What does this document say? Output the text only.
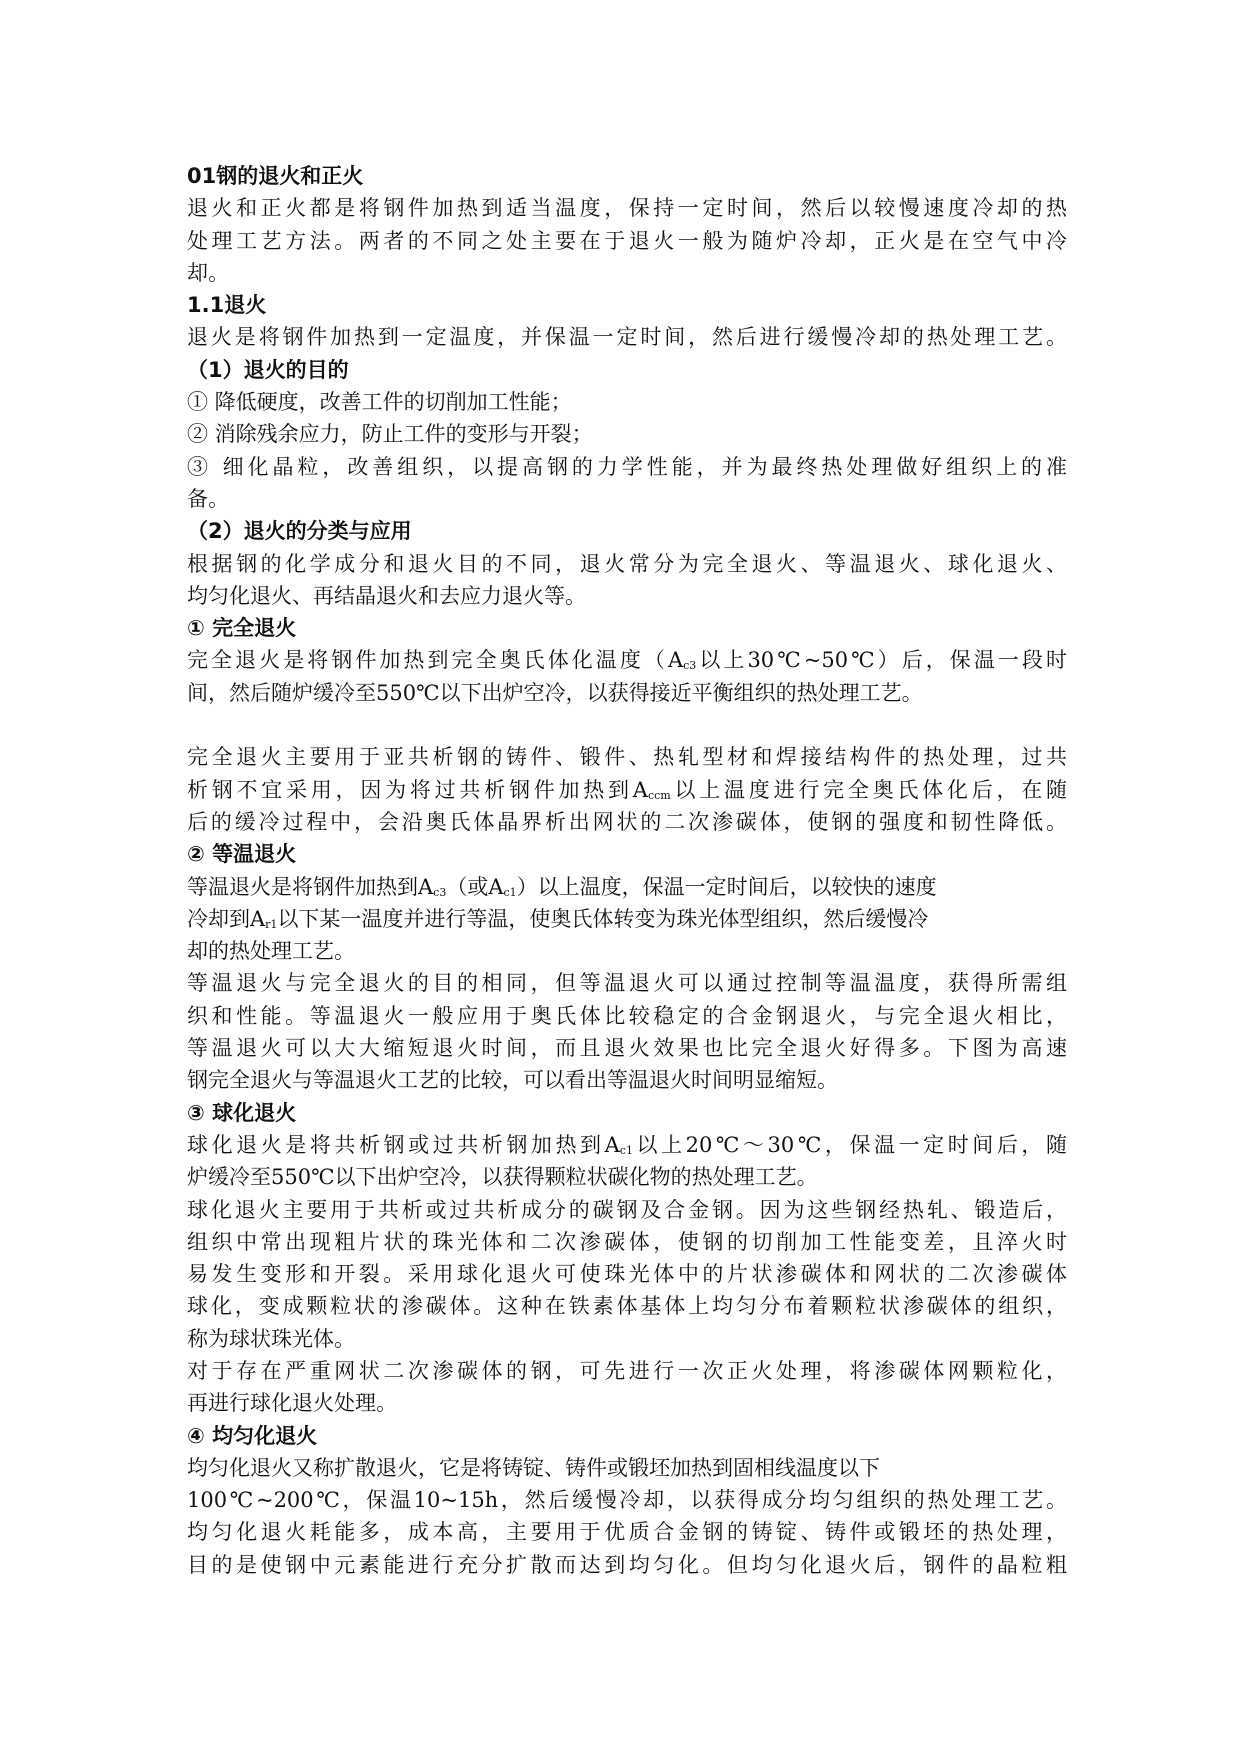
01钢的退火和正火
退火和正火都是将钢件加热到适当温度，保持一定时间，然后以较慢速度冷却的热
处理工艺方法。两者的不同之处主要在于退火一般为随炉冷却，正火是在空气中冷
却。
1.1退火
退火是将钢件加热到一定温度，并保温一定时间，然后进行缓慢冷却的热处理工艺。
（1）退火的目的
① 降低硬度，改善工件的切削加工性能；
② 消除残余应力，防止工件的变形与开裂；
③ 细化晶粒，改善组织，以提高钢的力学性能，并为最终热处理做好组织上的准
备。
（2）退火的分类与应用
根据钢的化学成分和退火目的不同，退火常分为完全退火、等温退火、球化退火、
均匀化退火、再结晶退火和去应力退火等。
① 完全退火
完全退火是将钢件加热到完全奥氏体化温度（Ac3以上30℃~50℃）后，保温一段时
间，然后随炉缓冷至550℃以下出炉空冷，以获得接近平衡组织的热处理工艺。
完全退火主要用于亚共析钢的铸件、锻件、热轧型材和焊接结构件的热处理，过共
析钢不宜采用，因为将过共析钢件加热到Accm以上温度进行完全奥氏体化后，在随
后的缓冷过程中，会沿奥氏体晶界析出网状的二次渗碳体，使钢的强度和韧性降低。
② 等温退火
等温退火是将钢件加热到Ac3（或Ac1）以上温度，保温一定时间后，以较快的速度
冷却到Ar1以下某一温度并进行等温，使奥氏体转变为珠光体型组织，然后缓慢冷
却的热处理工艺。
等温退火与完全退火的目的相同，但等温退火可以通过控制等温温度，获得所需组
织和性能。等温退火一般应用于奥氏体比较稳定的合金钢退火，与完全退火相比，
等温退火可以大大缩短退火时间，而且退火效果也比完全退火好得多。下图为高速
钢完全退火与等温退火工艺的比较，可以看出等温退火时间明显缩短。
③ 球化退火
球化退火是将共析钢或过共析钢加热到Ac1以上20℃～30℃，保温一定时间后，随
炉缓冷至550℃以下出炉空冷，以获得颗粒状碳化物的热处理工艺。
球化退火主要用于共析或过共析成分的碳钢及合金钢。因为这些钢经热轧、锻造后，
组织中常出现粗片状的珠光体和二次渗碳体，使钢的切削加工性能变差，且淬火时
易发生变形和开裂。采用球化退火可使珠光体中的片状渗碳体和网状的二次渗碳体
球化，变成颗粒状的渗碳体。这种在铁素体基体上均匀分布着颗粒状渗碳体的组织，
称为球状珠光体。
对于存在严重网状二次渗碳体的钢，可先进行一次正火处理，将渗碳体网颗粒化，
再进行球化退火处理。
④ 均匀化退火
均匀化退火又称扩散退火，它是将铸锭、铸件或锻坯加热到固相线温度以下
100℃~200℃，保温10~15h，然后缓慢冷却，以获得成分均匀组织的热处理工艺。
均匀化退火耗能多，成本高，主要用于优质合金钢的铸锭、铸件或锻坯的热处理，
目的是使钢中元素能进行充分扩散而达到均匀化。但均匀化退火后，钢件的晶粒粗
